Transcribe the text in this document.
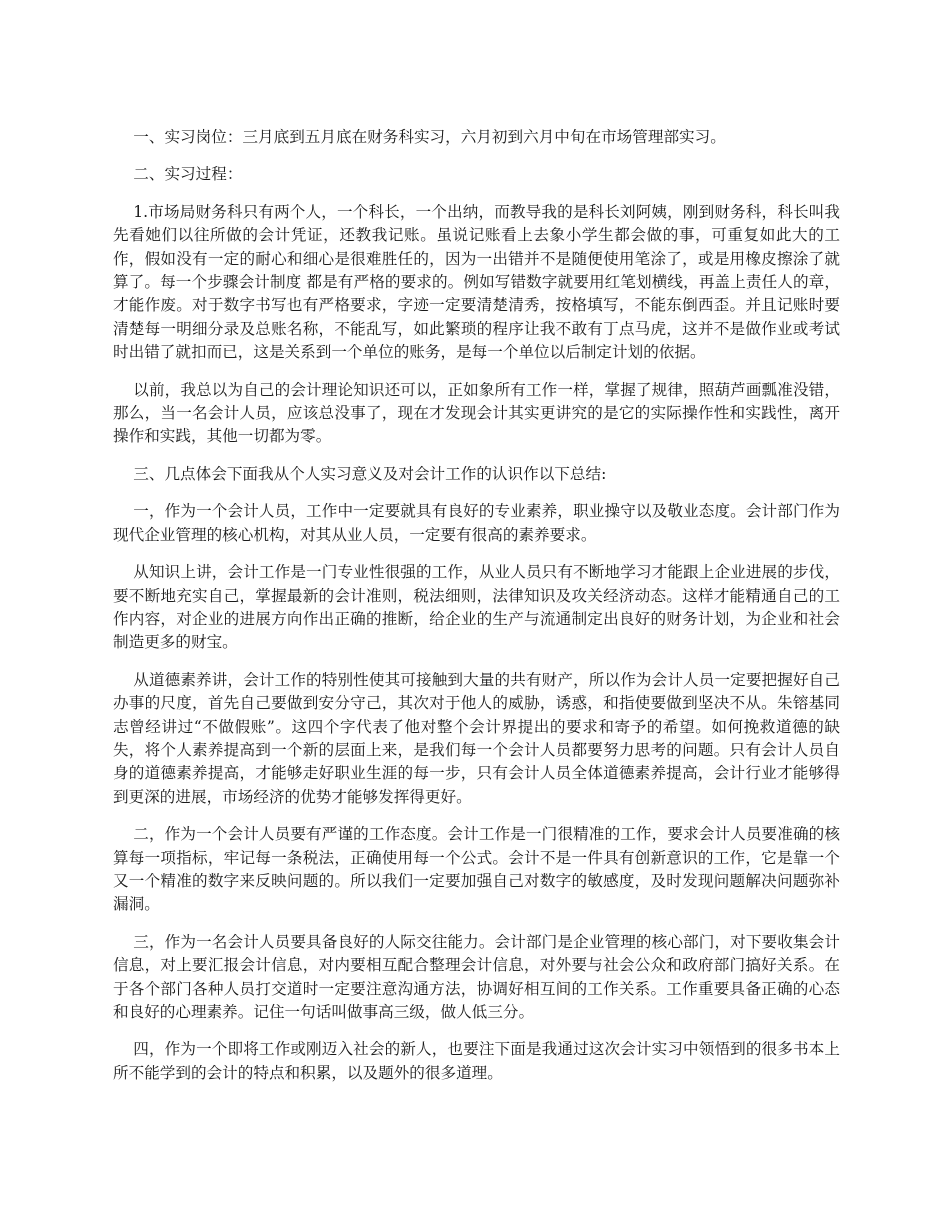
一、实习岗位：三月底到五月底在财务科实习，六月初到六月中旬在市场管理部实习。

二、实习过程：

1.市场局财务科只有两个人，一个科长，一个出纳，而教导我的是科长刘阿姨，刚到财务科，科长叫我先看她们以往所做的会计凭证，还教我记账。虽说记账看上去象小学生都会做的事，可重复如此大的工作，假如没有一定的耐心和细心是很难胜任的，因为一出错并不是随便使用笔涂了，或是用橡皮擦涂了就算了。每一个步骤会计制度 都是有严格的要求的。例如写错数字就要用红笔划横线，再盖上责任人的章，才能作废。对于数字书写也有严格要求，字迹一定要清楚清秀，按格填写，不能东倒西歪。并且记账时要清楚每一明细分录及总账名称，不能乱写，如此繁琐的程序让我不敢有丁点马虎，这并不是做作业或考试时出错了就扣而已，这是关系到一个单位的账务，是每一个单位以后制定计划的依据。

以前，我总以为自己的会计理论知识还可以，正如象所有工作一样，掌握了规律，照葫芦画瓢准没错，那么，当一名会计人员，应该总没事了，现在才发现会计其实更讲究的是它的实际操作性和实践性，离开操作和实践，其他一切都为零。

三、几点体会下面我从个人实习意义及对会计工作的认识作以下总结:

一，作为一个会计人员，工作中一定要就具有良好的专业素养，职业操守以及敬业态度。会计部门作为现代企业管理的核心机构，对其从业人员，一定要有很高的素养要求。

从知识上讲，会计工作是一门专业性很强的工作，从业人员只有不断地学习才能跟上企业进展的步伐，要不断地充实自己，掌握最新的会计准则，税法细则，法律知识及攻关经济动态。这样才能精通自己的工作内容，对企业的进展方向作出正确的推断，给企业的生产与流通制定出良好的财务计划，为企业和社会制造更多的财宝。

从道德素养讲，会计工作的特别性使其可接触到大量的共有财产，所以作为会计人员一定要把握好自己办事的尺度，首先自己要做到安分守己，其次对于他人的威胁，诱惑，和指使要做到坚决不从。朱镕基同志曾经讲过“不做假账”。这四个字代表了他对整个会计界提出的要求和寄予的希望。如何挽救道德的缺失，将个人素养提高到一个新的层面上来，是我们每一个会计人员都要努力思考的问题。只有会计人员自身的道德素养提高，才能够走好职业生涯的每一步，只有会计人员全体道德素养提高，会计行业才能够得到更深的进展，市场经济的优势才能够发挥得更好。

二，作为一个会计人员要有严谨的工作态度。会计工作是一门很精准的工作，要求会计人员要准确的核算每一项指标，牢记每一条税法，正确使用每一个公式。会计不是一件具有创新意识的工作，它是靠一个又一个精准的数字来反映问题的。所以我们一定要加强自己对数字的敏感度，及时发现问题解决问题弥补漏洞。

三，作为一名会计人员要具备良好的人际交往能力。会计部门是企业管理的核心部门，对下要收集会计信息，对上要汇报会计信息，对内要相互配合整理会计信息，对外要与社会公众和政府部门搞好关系。在于各个部门各种人员打交道时一定要注意沟通方法，协调好相互间的工作关系。工作重要具备正确的心态和良好的心理素养。记住一句话叫做事高三级，做人低三分。

四，作为一个即将工作或刚迈入社会的新人，也要注下面是我通过这次会计实习中领悟到的很多书本上所不能学到的会计的特点和积累，以及题外的很多道理。
